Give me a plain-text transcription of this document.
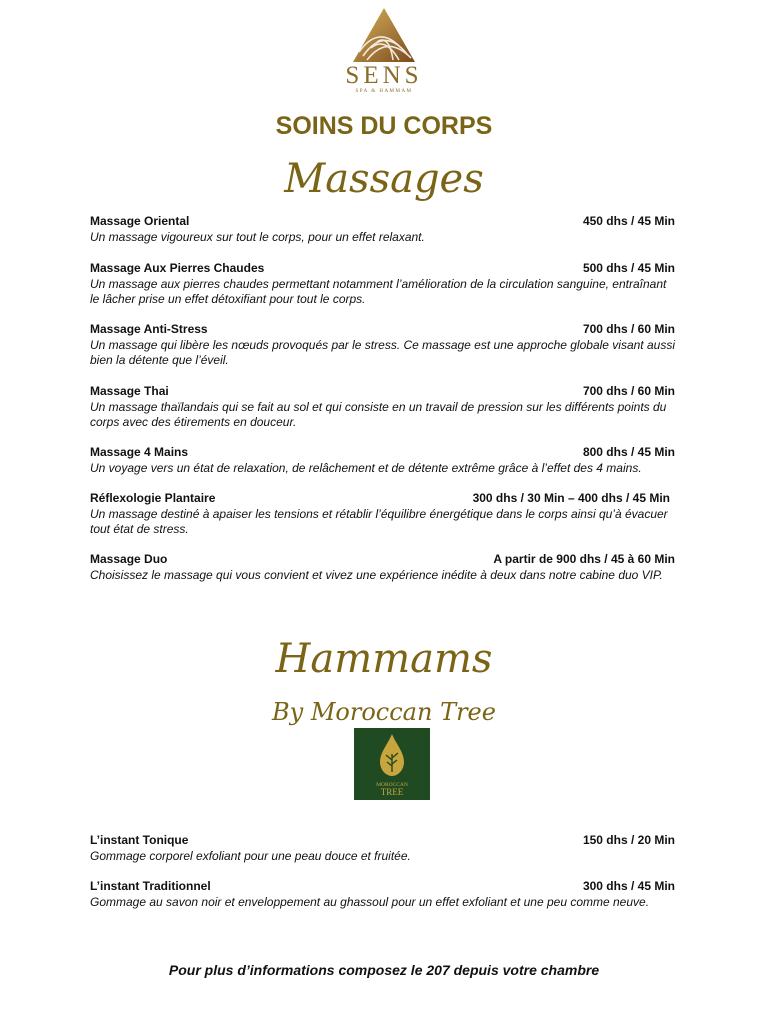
SENS
SPA & HAMMAM
SOINS DU CORPS
Massages
Massage Oriental	450 dhs / 45 Min
Un massage vigoureux sur tout le corps, pour un effet relaxant.
Massage Aux Pierres Chaudes	500 dhs / 45 Min
Un massage aux pierres chaudes permettant notamment l’amélioration de la circulation sanguine, entraînant le lâcher prise un effet détoxifiant pour tout le corps.
Massage Anti-Stress	700 dhs / 60 Min
Un massage qui libère les nœuds provoqués par le stress. Ce massage est une approche globale visant aussi bien la détente que l’éveil.
Massage Thai	700 dhs / 60 Min
Un massage thaïlandais qui se fait au sol et qui consiste en un travail de pression sur les différents points du corps avec des étirements en douceur.
Massage 4 Mains	800 dhs / 45 Min
Un voyage vers un état de relaxation, de relâchement et de détente extrême grâce à l’effet des 4 mains.
Réflexologie Plantaire	300 dhs / 30 Min – 400 dhs / 45 Min
Un massage destiné à apaiser les tensions et rétablir l’équilibre énergétique dans le corps ainsi qu’à évacuer tout état de stress.
Massage Duo	A partir de 900 dhs / 45 à 60 Min
Choisissez le massage qui vous convient et vivez une expérience inédite à deux dans notre cabine duo VIP.
Hammams
By Moroccan Tree
MOROCCAN
TREE
L’instant Tonique	150 dhs / 20 Min
Gommage corporel exfoliant pour une peau douce et fruitée.
L’instant Traditionnel	300 dhs / 45 Min
Gommage au savon noir et enveloppement au ghassoul pour un effet exfoliant et une peu comme neuve.
Pour plus d’informations composez le 207 depuis votre chambre
